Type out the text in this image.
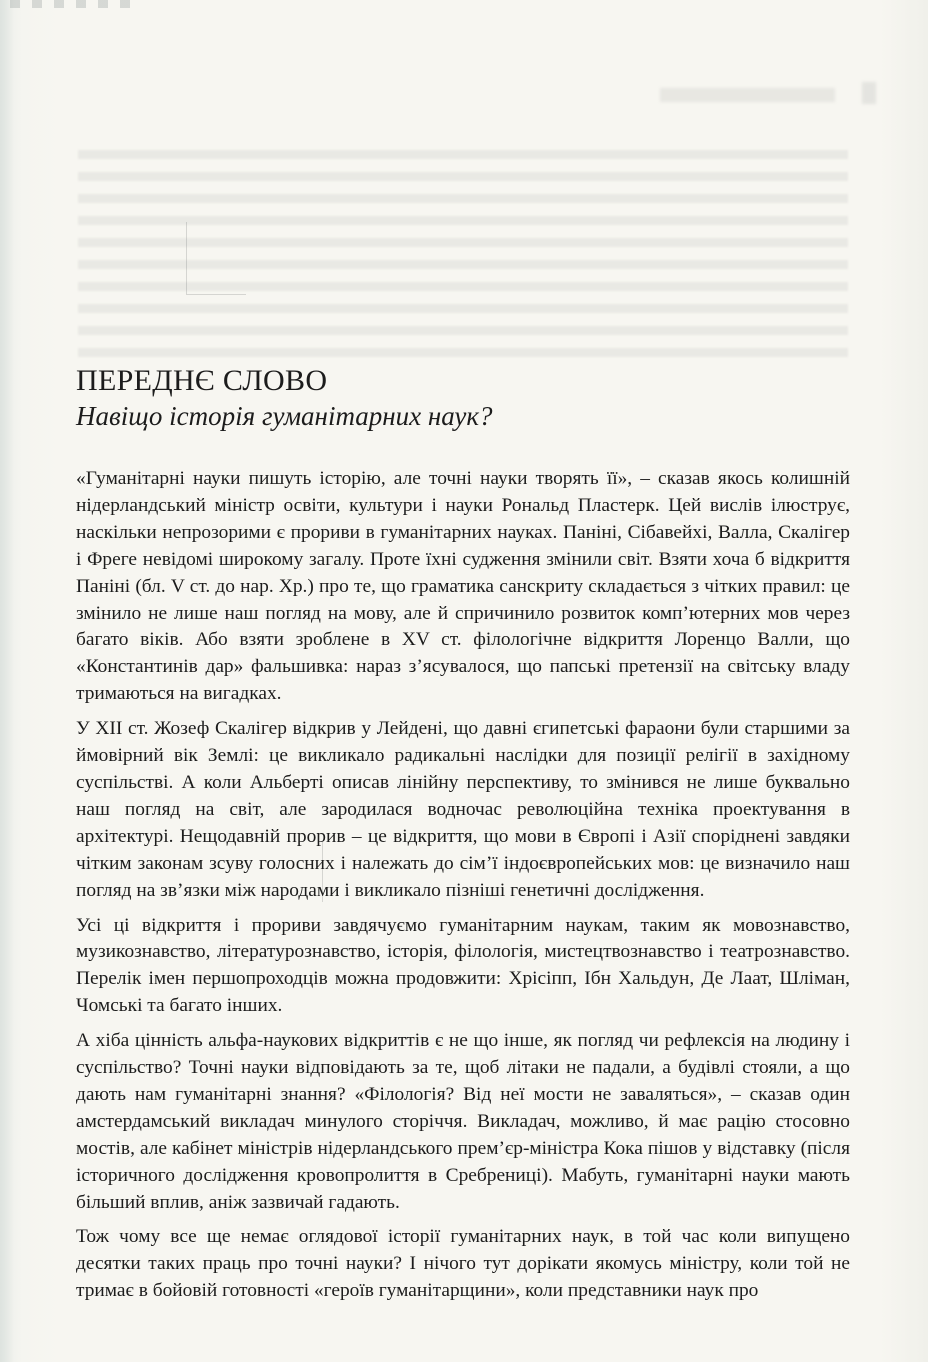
ПЕРЕДНЄ СЛОВО
Навіщо історія гуманітарних наук?

«Гуманітарні науки пишуть історію, але точні науки творять її», – сказав якось колишній нідерландський міністр освіти, культури і науки Рональд Пластерк. Цей вислів ілюструє, наскільки непрозорими є прориви в гуманітарних науках. Паніні, Сібавейхі, Валла, Скалігер і Фреге невідомі широкому загалу. Проте їхні судження змінили світ. Взяти хоча б відкриття Паніні (бл. V ст. до нар. Хр.) про те, що граматика санскриту складається з чітких правил: це змінило не лише наш погляд на мову, але й спричинило розвиток комп’ютерних мов через багато віків. Або взяти зроблене в XV ст. філологічне відкриття Лоренцо Валли, що «Константинів дар» фальшивка: нараз з’ясувалося, що папські претензії на світську владу тримаються на вигадках.

У XII ст. Жозеф Скалігер відкрив у Лейдені, що давні єгипетські фараони були старшими за ймовірний вік Землі: це викликало радикальні наслідки для позиції релігії в західному суспільстві. А коли Альберті описав лінійну перспективу, то змінився не лише буквально наш погляд на світ, але зародилася водночас революційна техніка проектування в архітектурі. Нещодавній прорив – це відкриття, що мови в Європі і Азії споріднені завдяки чітким законам зсуву голосних і належать до сім’ї індоєвропейських мов: це визначило наш погляд на зв’язки між народами і викликало пізніші генетичні дослідження.

Усі ці відкриття і прориви завдячуємо гуманітарним наукам, таким як мовознавство, музикознавство, літературознавство, історія, філологія, мистецтвознавство і театрознавство. Перелік імен першопроходців можна продовжити: Хрісіпп, Ібн Хальдун, Де Лаат, Шліман, Чомські та багато інших.

А хіба цінність альфа-наукових відкриттів є не що інше, як погляд чи рефлексія на людину і суспільство? Точні науки відповідають за те, щоб літаки не падали, а будівлі стояли, а що дають нам гуманітарні знання? «Філологія? Від неї мости не заваляться», – сказав один амстердамський викладач минулого сторіччя. Викладач, можливо, й має рацію стосовно мостів, але кабінет міністрів нідерландського прем’єр-міністра Кока пішов у відставку (після історичного дослідження кровопролиття в Сребрениці). Мабуть, гуманітарні науки мають більший вплив, аніж зазвичай гадають.

Тож чому все ще немає оглядової історії гуманітарних наук, в той час коли випущено десятки таких праць про точні науки? І нічого тут дорікати якомусь міністру, коли той не тримає в бойовій готовності «героїв гуманітарщини», коли представники наук про
